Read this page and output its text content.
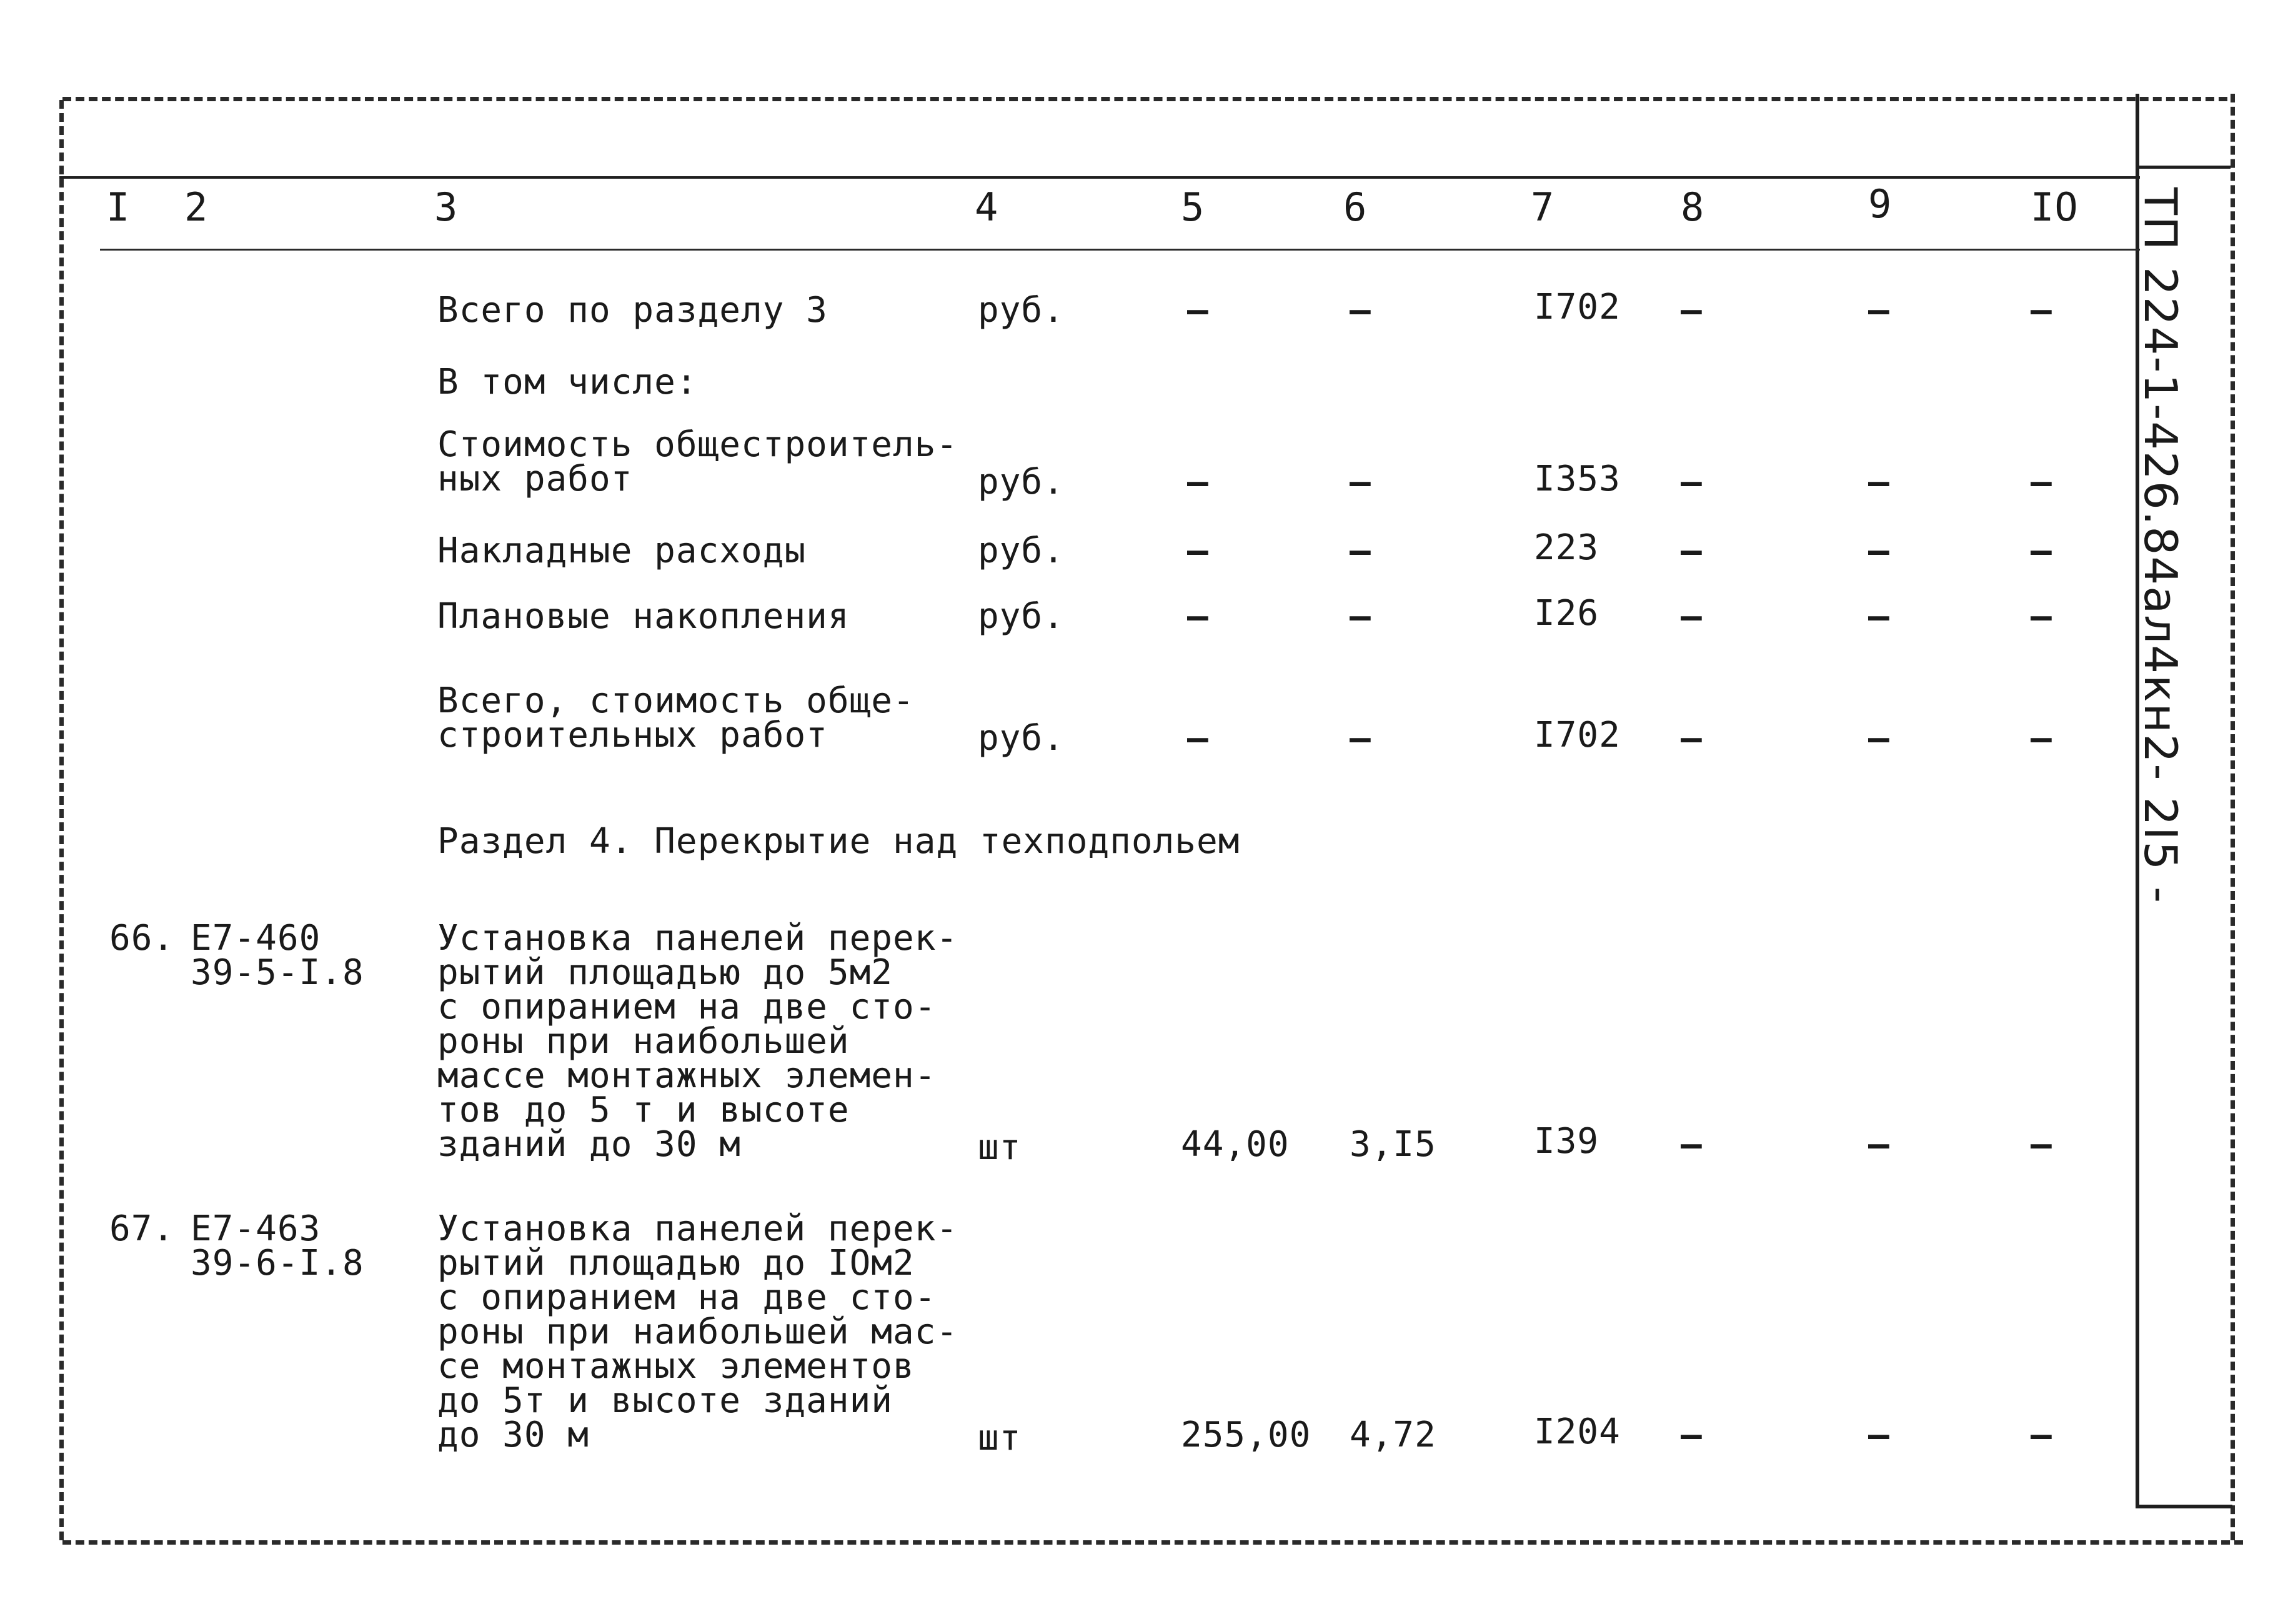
ТП 224-1-426.84ал4кн2- 2I5 -
I 2	3	4	5	6	7	8	9	IO
Всего по разделу 3	руб.	–	–	I702 –	–	–
В том числе:
Стоимость общестроитель-
ных работ	руб.	–	–	I353 –	–	–
Накладные расходы	руб.	–	–	223 –	–	–
Плановые накопления	руб.	–	–	I26 –	–	–
Всего, стоимость обще-
строительных работ	руб.	–	–	I702 –	–	–
Раздел 4. Перекрытие над техподпольем
66. Е7-460
39-5-I.8
Установка панелей перек-
рытий площадью до 5м2
с опиранием на две сто-
роны при наибольшей
массе монтажных элемен-
тов до 5 т и высоте
зданий до 30 м	шт	44,00 3,I5	I39 –	–	–
67. Е7-463
39-6-I.8
Установка панелей перек-
рытий площадью до IOм2
с опиранием на две сто-
роны при наибольшей мас-
се монтажных элементов
до 5т и высоте зданий
до 30 м	шт	255,00 4,72	I204 –	–	–
